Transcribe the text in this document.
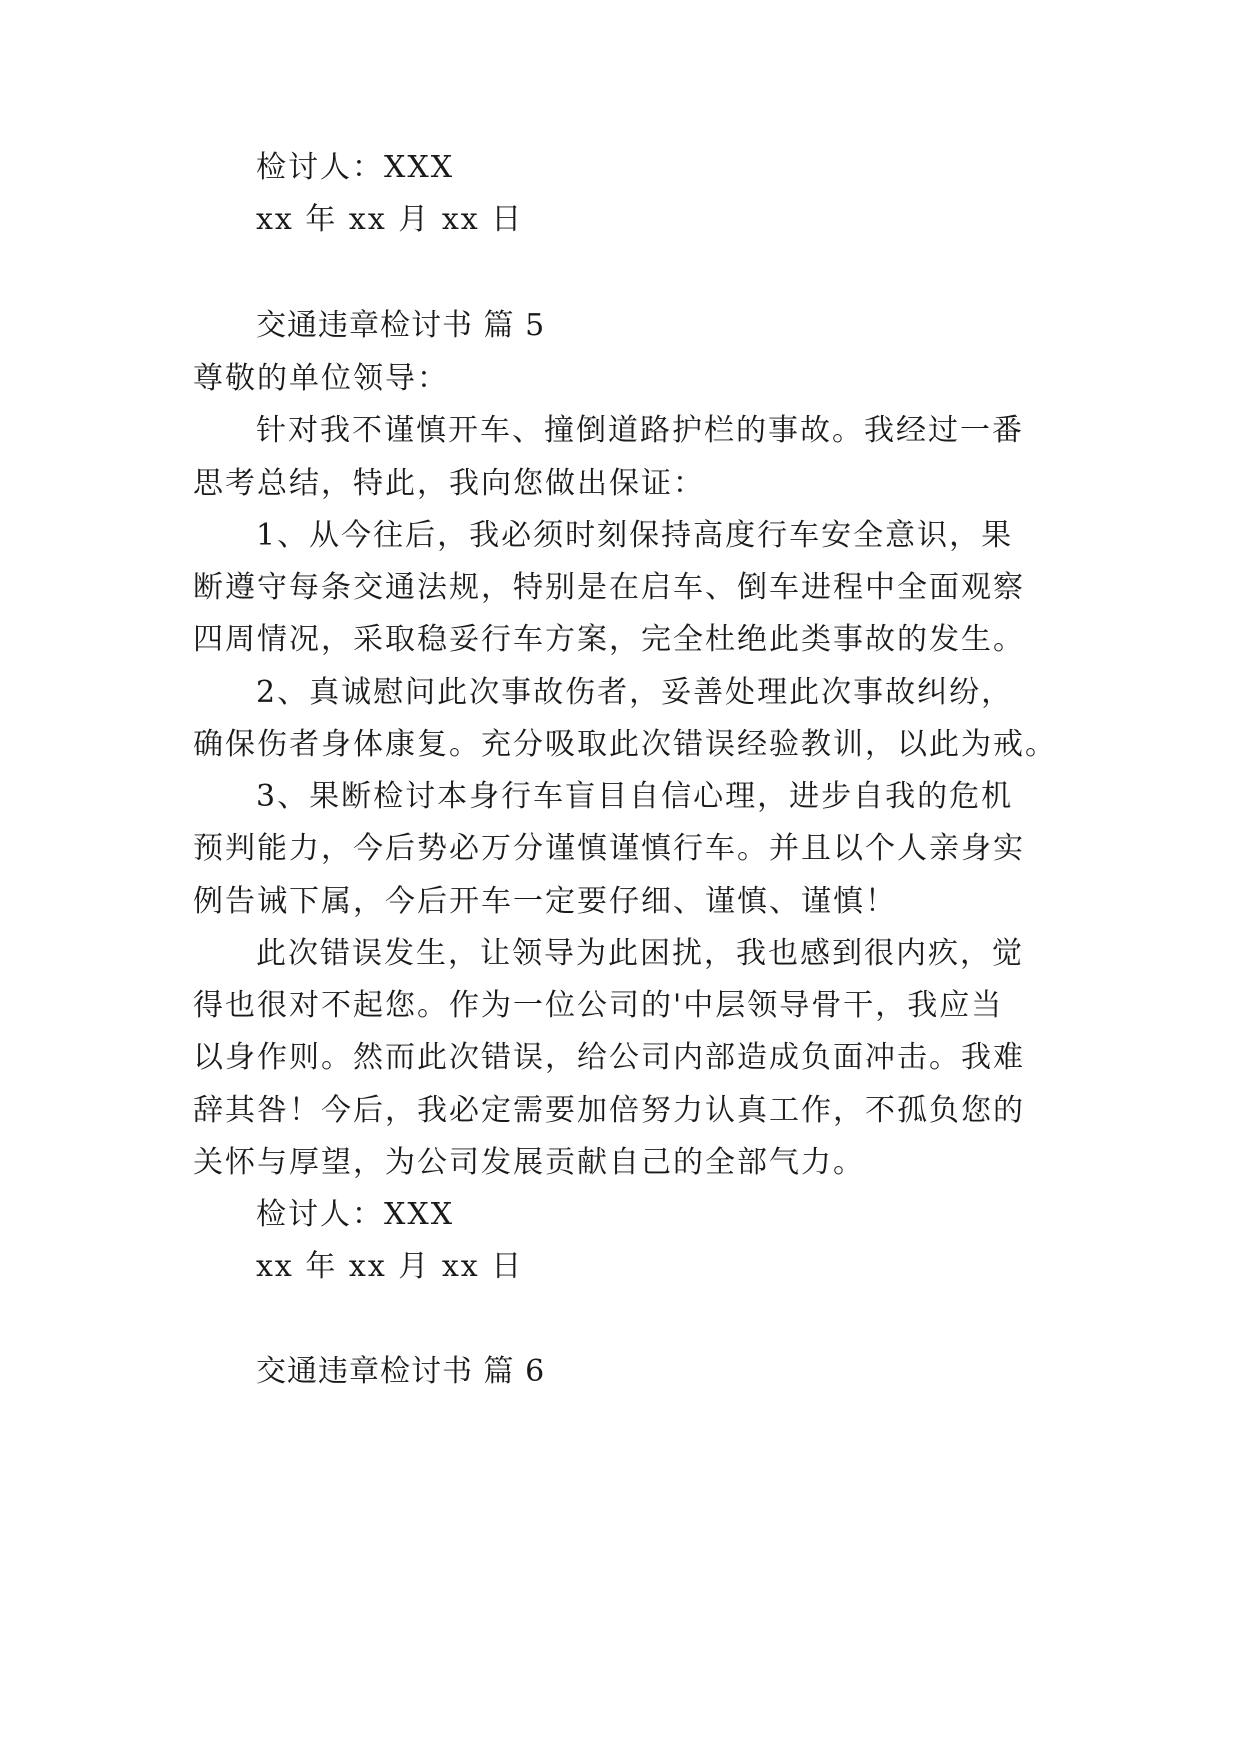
检讨人：XXX
xx 年 xx 月 xx 日
交通违章检讨书 篇 5
尊敬的单位领导：
针对我不谨慎开车、撞倒道路护栏的事故。我经过一番
思考总结，特此，我向您做出保证：
1、从今往后，我必须时刻保持高度行车安全意识，果
断遵守每条交通法规，特别是在启车、倒车进程中全面观察
四周情况，采取稳妥行车方案，完全杜绝此类事故的发生。
2、真诚慰问此次事故伤者，妥善处理此次事故纠纷，
确保伤者身体康复。充分吸取此次错误经验教训，以此为戒。
3、果断检讨本身行车盲目自信心理，进步自我的危机
预判能力，今后势必万分谨慎谨慎行车。并且以个人亲身实
例告诫下属，今后开车一定要仔细、谨慎、谨慎！
此次错误发生，让领导为此困扰，我也感到很内疚，觉
得也很对不起您。作为一位公司的'中层领导骨干，我应当
以身作则。然而此次错误，给公司内部造成负面冲击。我难
辞其咎！今后，我必定需要加倍努力认真工作，不孤负您的
关怀与厚望，为公司发展贡献自己的全部气力。
检讨人：XXX
xx 年 xx 月 xx 日
交通违章检讨书 篇 6
